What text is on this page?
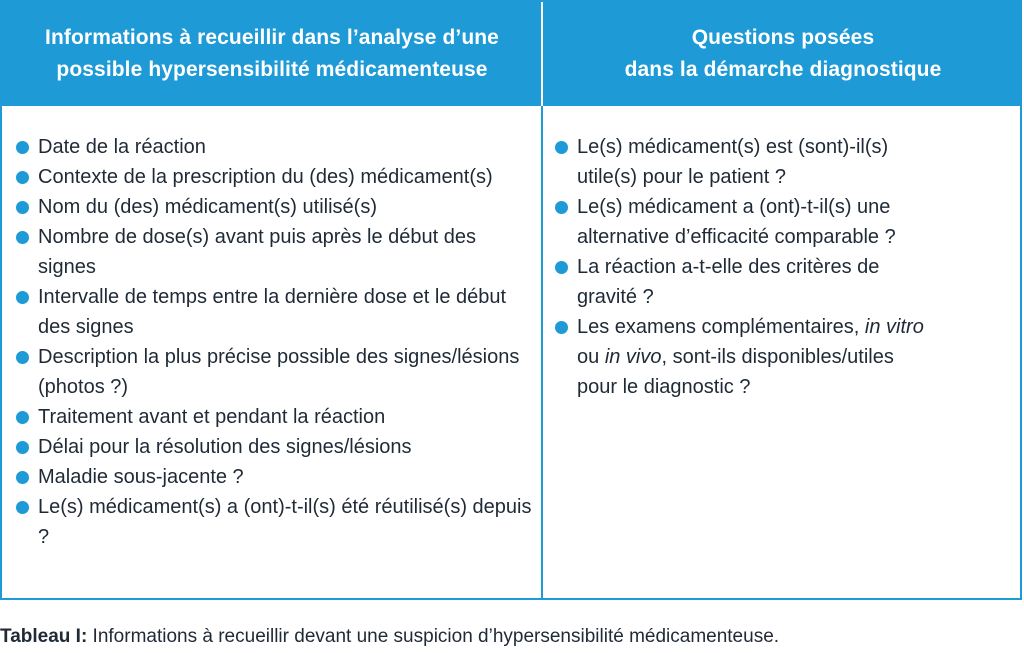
Informations à recueillir dans l’analyse d’une
possible hypersensibilité médicamenteuse
Questions posées
dans la démarche diagnostique
Date de la réaction
Contexte de la prescription du (des) médicament(s)
Nom du (des) médicament(s) utilisé(s)
Nombre de dose(s) avant puis après le début des signes
Intervalle de temps entre la dernière dose et le début des signes
Description la plus précise possible des signes/lésions (photos ?)
Traitement avant et pendant la réaction
Délai pour la résolution des signes/lésions
Maladie sous-jacente ?
Le(s) médicament(s) a (ont)-t-il(s) été réutilisé(s) depuis ?
Le(s) médicament(s) est (sont)-il(s)
utile(s) pour le patient ?
Le(s) médicament a (ont)-t-il(s) une
alternative d’efficacité comparable ?
La réaction a-t-elle des critères de
gravité ?
Les examens complémentaires, in vitro
ou in vivo, sont-ils disponibles/utiles
pour le diagnostic ?
Tableau I: Informations à recueillir devant une suspicion d’hypersensibilité médicamenteuse.
